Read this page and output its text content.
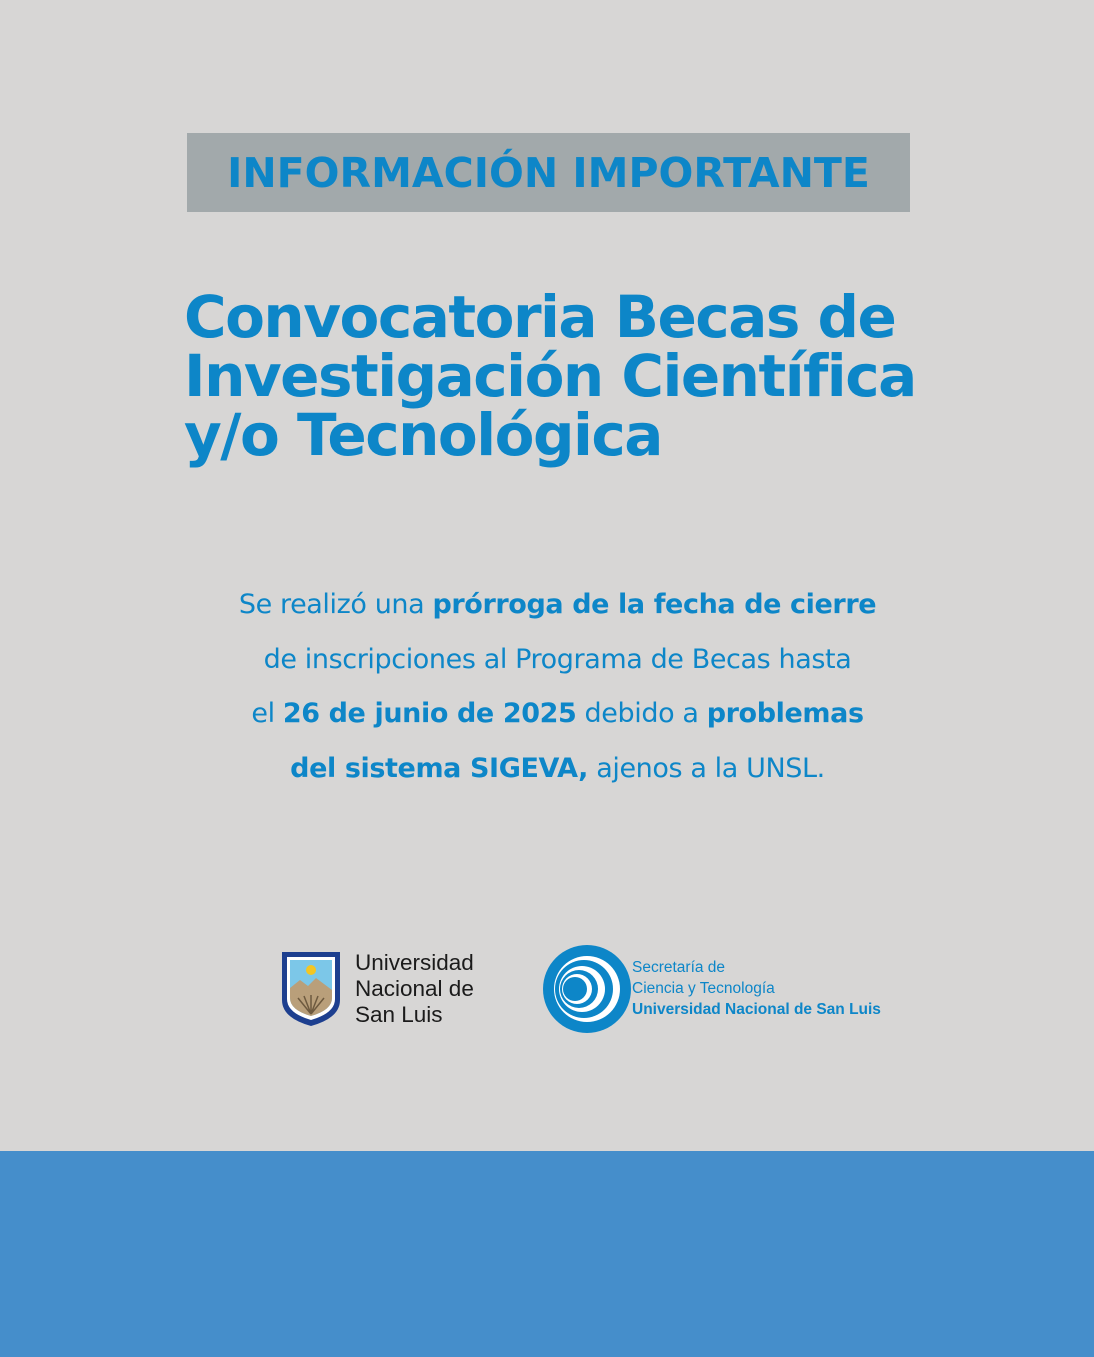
INFORMACIÓN IMPORTANTE
Convocatoria Becas de
Investigación Científica
y/o Tecnológica
Se realizó una prórroga de la fecha de cierre
de inscripciones al Programa de Becas hasta
el 26 de junio de 2025 debido a problemas
del sistema SIGEVA, ajenos a la UNSL.
Universidad
Nacional de
San Luis
Secretaría de
Ciencia y Tecnología
Universidad Nacional de San Luis
